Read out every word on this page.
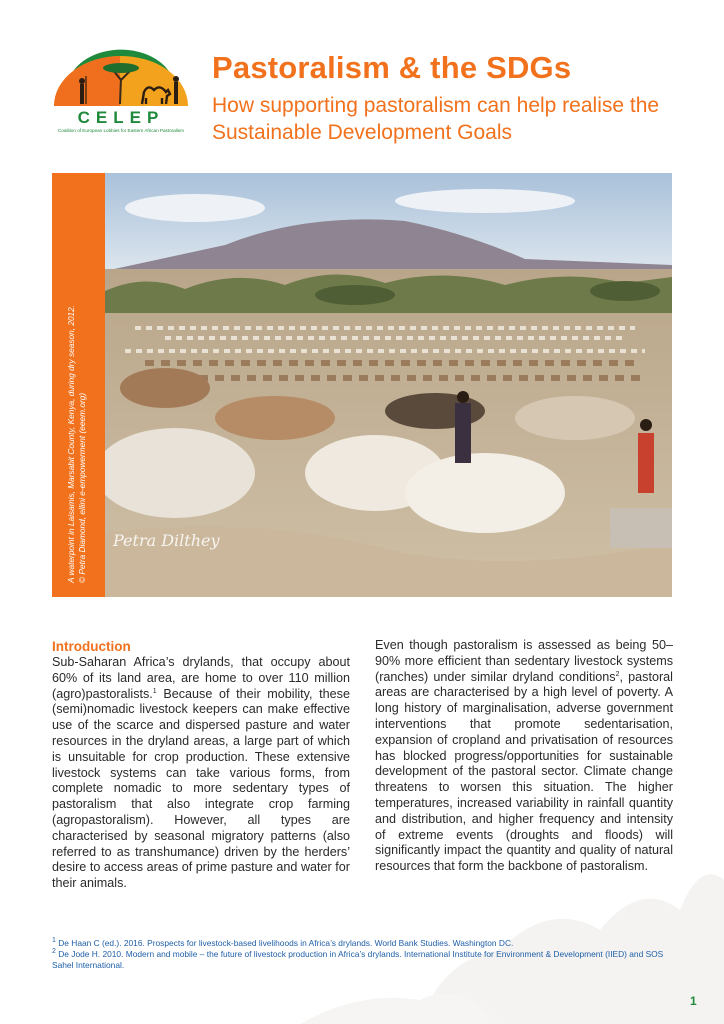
CELEP
Coalition of European Lobbies for Eastern African Pastoralism
Pastoralism & the SDGs
How supporting pastoralism can help realise the Sustainable Development Goals
A waterpoint in Laisamis, Marsabit County, Kenya, during dry season, 2012. © Petra Diamond, ellini e-empowerment (eeem.org) Petra Dilthey
Introduction

Sub-Saharan Africa’s drylands, that occupy about 60% of its land area, are home to over 110 million (agro)pastoralists.$^1$ Because of their mobility, these (semi)nomadic livestock keepers can make effective use of the scarce and dispersed pasture and water resources in the dryland areas, a large part of which is unsuitable for crop production. These extensive livestock systems can take various forms, from complete nomadic to more sedentary types of pastoralism that also integrate crop farming (agropastoralism). However, all types are characterised by seasonal migratory patterns (also referred to as transhumance) driven by the herders’ desire to access areas of prime pasture and water for their animals.

Even though pastoralism is assessed as being 50–90% more efficient than sedentary livestock systems (ranches) under similar dryland conditions$^2$, pastoral areas are characterised by a high level of poverty. A long history of marginalisation, adverse government interventions that promote sedentarisation, expansion of cropland and privatisation of resources has blocked progress/opportunities for sustainable development of the pastoral sector. Climate change threatens to worsen this situation. The higher temperatures, increased variability in rainfall quantity and distribution, and higher frequency and intensity of extreme events (droughts and floods) will significantly impact the quantity and quality of natural resources that form the backbone of pastoralism.

$^1$ De Haan C (ed.). 2016. Prospects for livestock-based livelihoods in Africa’s drylands. World Bank Studies. Washington DC.

$^2$ De Jode H. 2010. Modern and mobile – the future of livestock production in Africa’s drylands. International Institute for Environment & Development (IIED) and SOS Sahel International.

1
